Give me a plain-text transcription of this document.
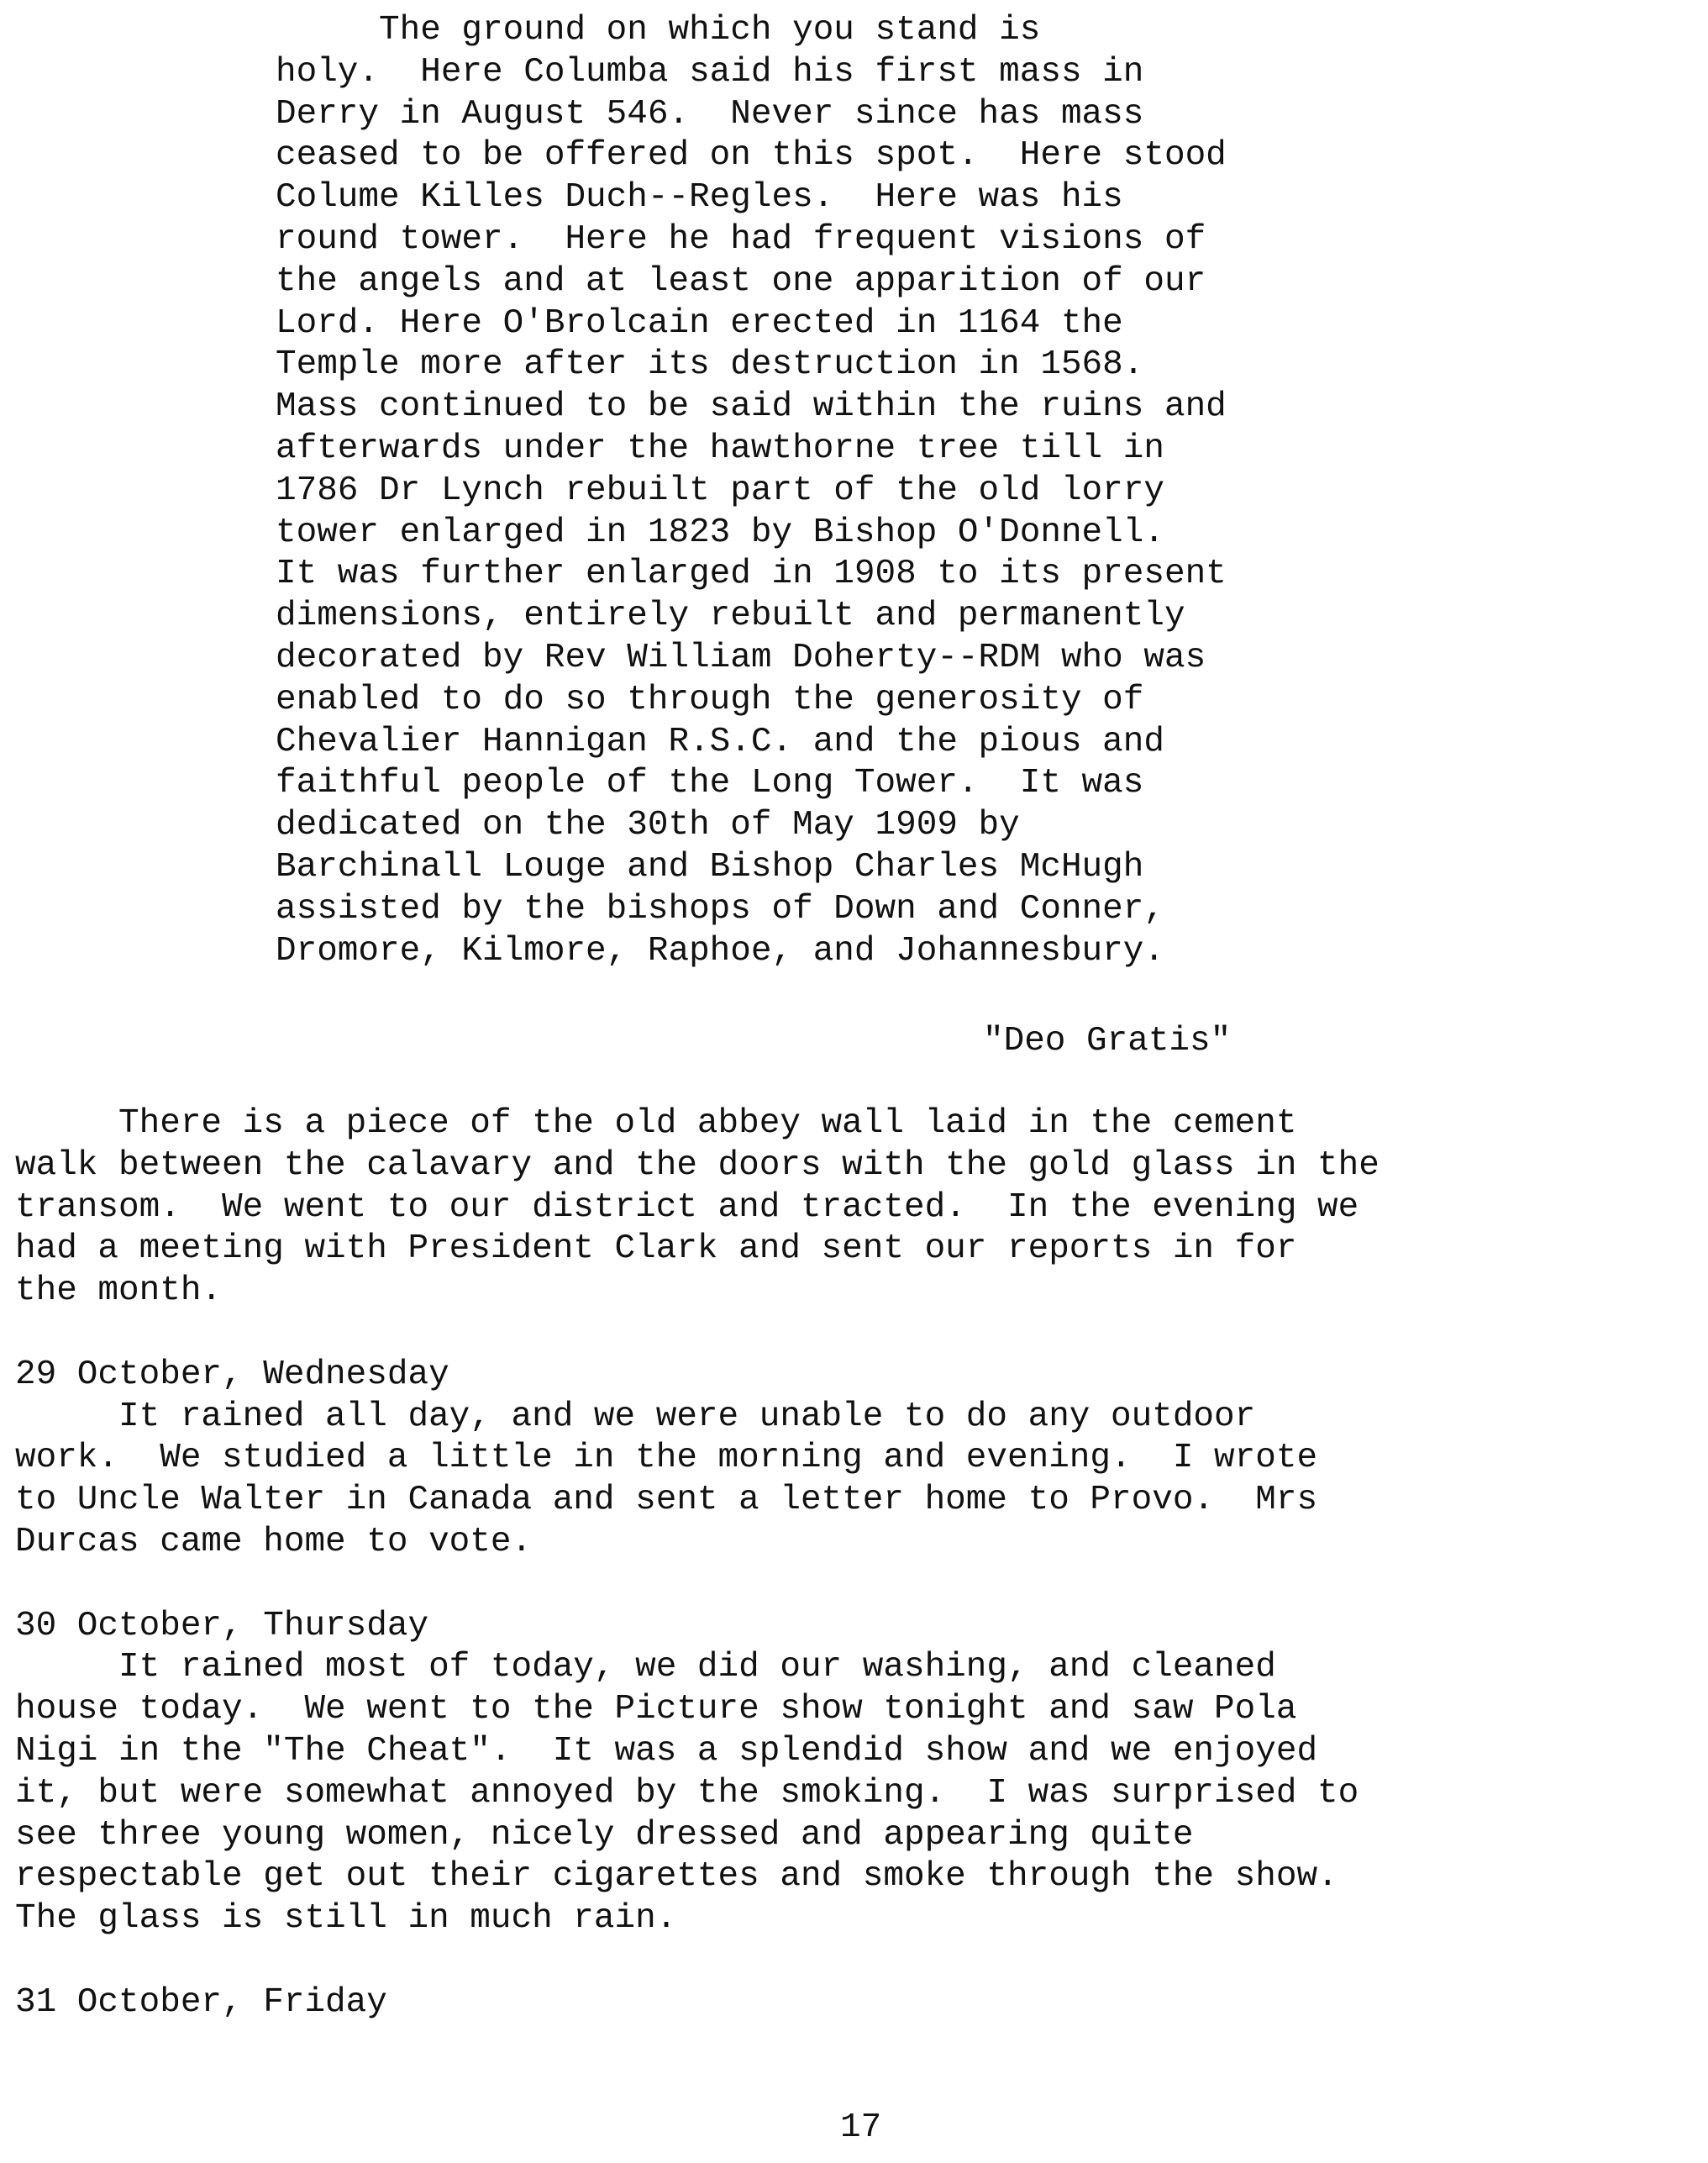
The ground on which you stand is
holy.  Here Columba said his first mass in
Derry in August 546.  Never since has mass
ceased to be offered on this spot.  Here stood
Colume Killes Duch--Regles.  Here was his
round tower.  Here he had frequent visions of
the angels and at least one apparition of our
Lord. Here O'Brolcain erected in 1164 the
Temple more after its destruction in 1568.
Mass continued to be said within the ruins and
afterwards under the hawthorne tree till in
1786 Dr Lynch rebuilt part of the old lorry
tower enlarged in 1823 by Bishop O'Donnell.
It was further enlarged in 1908 to its present
dimensions, entirely rebuilt and permanently
decorated by Rev William Doherty--RDM who was
enabled to do so through the generosity of
Chevalier Hannigan R.S.C. and the pious and
faithful people of the Long Tower.  It was
dedicated on the 30th of May 1909 by
Barchinall Louge and Bishop Charles McHugh
assisted by the bishops of Down and Conner,
Dromore, Kilmore, Raphoe, and Johannesbury.
"Deo Gratis"
There is a piece of the old abbey wall laid in the cement
walk between the calavary and the doors with the gold glass in the
transom.  We went to our district and tracted.  In the evening we
had a meeting with President Clark and sent our reports in for
the month.
29 October, Wednesday
It rained all day, and we were unable to do any outdoor
work.  We studied a little in the morning and evening.  I wrote
to Uncle Walter in Canada and sent a letter home to Provo.  Mrs
Durcas came home to vote.
30 October, Thursday
It rained most of today, we did our washing, and cleaned
house today.  We went to the Picture show tonight and saw Pola
Nigi in the "The Cheat".  It was a splendid show and we enjoyed
it, but were somewhat annoyed by the smoking.  I was surprised to
see three young women, nicely dressed and appearing quite
respectable get out their cigarettes and smoke through the show.
The glass is still in much rain.
31 October, Friday
17
